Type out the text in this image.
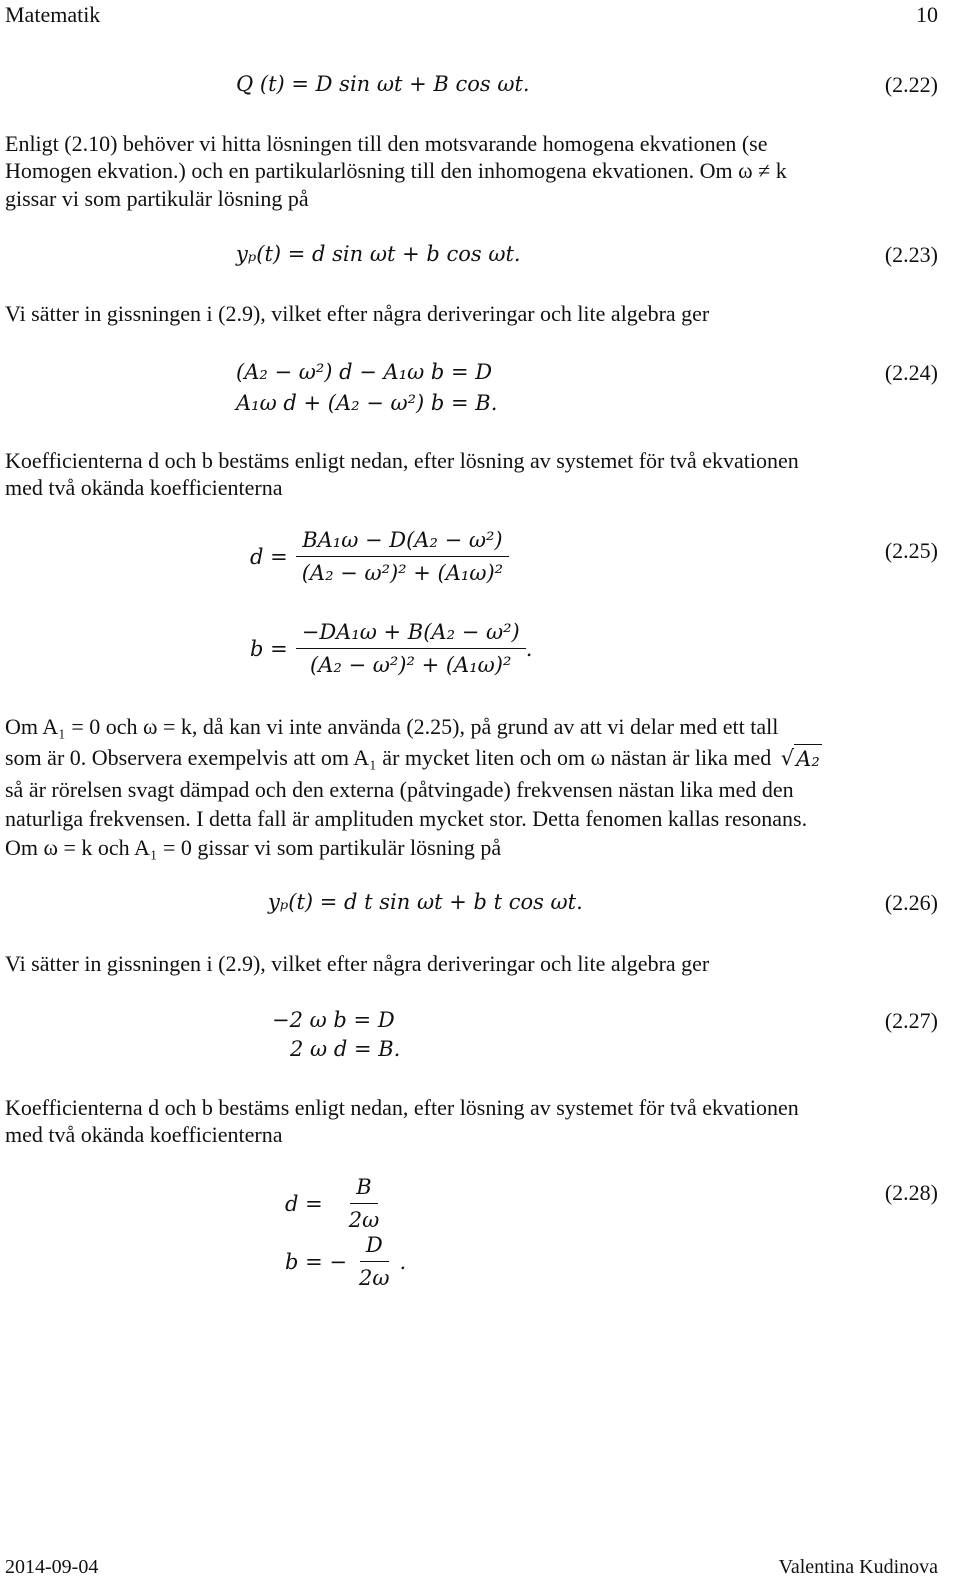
Matematik	10
Q (t) = D sin ωt + B cos ωt.	(2.22)
Enligt (2.10) behöver vi hitta lösningen till den motsvarande homogena ekvationen (se
Homogen ekvation.) och en partikularlösning till den inhomogena ekvationen. Om ω ≠ k
gissar vi som partikulär lösning på
yₚ(t) = d sin ωt + b cos ωt.	(2.23)
Vi sätter in gissningen i (2.9), vilket efter några deriveringar och lite algebra ger
(A₂ − ω²) d − A₁ω b = D
A₁ω d + (A₂ − ω²) b = B.
(2.24)
Koefficienterna d och b bestäms enligt nedan, efter lösning av systemet för två ekvationen
med två okända koefficienterna
$d = \frac{\text{BA₁ω − D(A₂ − ω²)}}{\text{(A₂ − ω²)² + (A₁ω)²}}$	(2.25)
$b = \frac{\text{−DA₁ω + B(A₂ − ω²)}}{\text{(A₂ − ω²)² + (A₁ω)²}}$ .
Om A₁ = 0 och ω = k, då kan vi inte använda (2.25), på grund av att vi delar med ett tall
som är 0. Observera exempelvis att om A₁ är mycket liten och om ω nästan är lika med √ A₂
så är rörelsen svagt dämpad och den externa (påtvingade) frekvensen nästan lika med den
naturliga frekvensen. I detta fall är amplituden mycket stor. Detta fenomen kallas resonans.
Om ω = k och A₁ = 0 gissar vi som partikulär lösning på
yₚ(t) = d t sin ωt + b t cos ωt.	(2.26)
Vi sätter in gissningen i (2.9), vilket efter några deriveringar och lite algebra ger
−2 ω b = D
2 ω d = B.
(2.27)
Koefficienterna d och b bestäms enligt nedan, efter lösning av systemet för två ekvationen
med två okända koefficienterna
$d = \frac{B}{2\omega}$	(2.28)
b = − $\frac{D}{2\omega}$ .
2014-09-04	Valentina Kudinova
